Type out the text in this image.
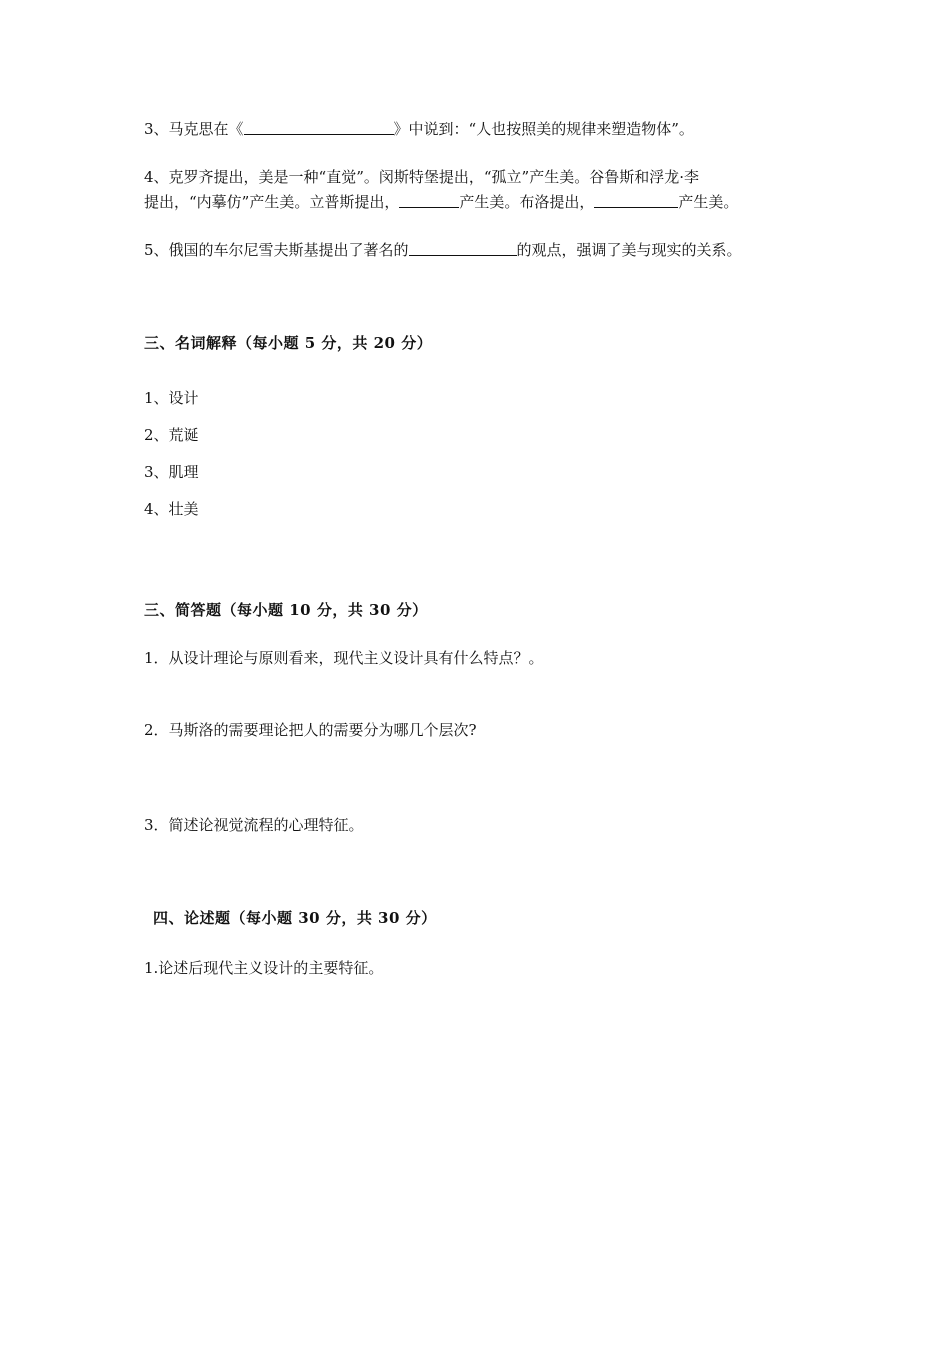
3、马克思在《	》中说到：“人也按照美的规律来塑造物体”。
4、克罗齐提出，美是一种“直觉”。闵斯特堡提出，“孤立”产生美。谷鲁斯和浮龙·李
提出，“内摹仿”产生美。立普斯提出，	产生美。布洛提出，	产生美。
5、俄国的车尔尼雪夫斯基提出了著名的	的观点，强调了美与现实的关系。
三、名词解释（每小题 5 分，共 20 分）
1、设计
2、荒诞
3、肌理
4、壮美
三、简答题（每小题 10 分，共 30 分）
1．从设计理论与原则看来，现代主义设计具有什么特点？。
2．马斯洛的需要理论把人的需要分为哪几个层次?
3．简述论视觉流程的心理特征。
四、论述题（每小题 30 分，共 30 分）
1.论述后现代主义设计的主要特征。
